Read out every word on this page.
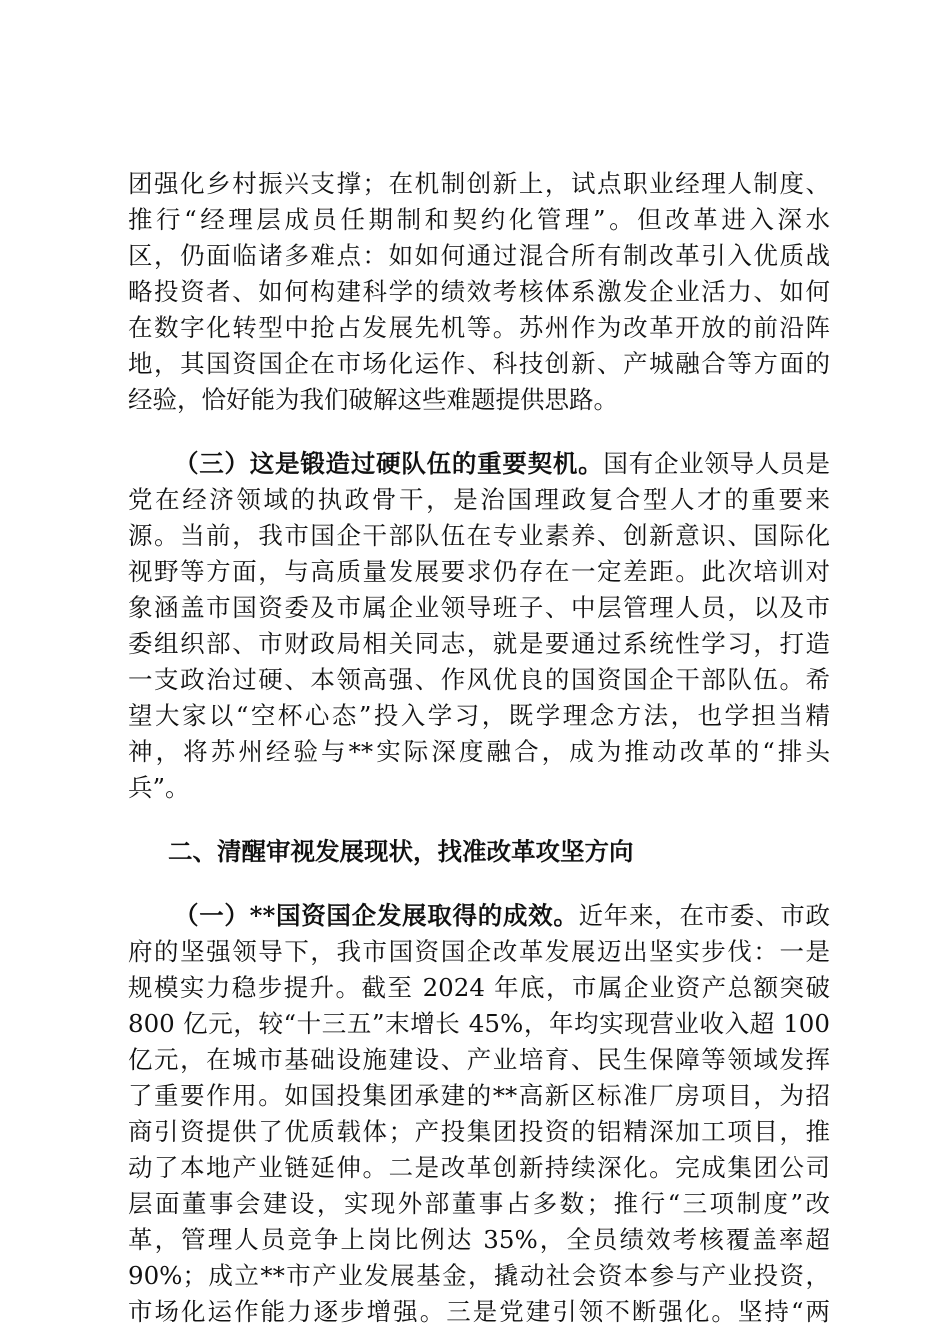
团强化乡村振兴支撑；在机制创新上，试点职业经理人制度、
推行“经理层成员任期制和契约化管理”。但改革进入深水
区，仍面临诸多难点：如如何通过混合所有制改革引入优质战
略投资者、如何构建科学的绩效考核体系激发企业活力、如何
在数字化转型中抢占发展先机等。苏州作为改革开放的前沿阵
地，其国资国企在市场化运作、科技创新、产城融合等方面的
经验，恰好能为我们破解这些难题提供思路。
（三）这是锻造过硬队伍的重要契机。国有企业领导人员是
党在经济领域的执政骨干，是治国理政复合型人才的重要来
源。当前，我市国企干部队伍在专业素养、创新意识、国际化
视野等方面，与高质量发展要求仍存在一定差距。此次培训对
象涵盖市国资委及市属企业领导班子、中层管理人员，以及市
委组织部、市财政局相关同志，就是要通过系统性学习，打造
一支政治过硬、本领高强、作风优良的国资国企干部队伍。希
望大家以“空杯心态”投入学习，既学理念方法，也学担当精
神，将苏州经验与**实际深度融合，成为推动改革的“排头
兵”。
二、清醒审视发展现状，找准改革攻坚方向
（一）**国资国企发展取得的成效。近年来，在市委、市政
府的坚强领导下，我市国资国企改革发展迈出坚实步伐：一是
规模实力稳步提升。截至 2024 年底，市属企业资产总额突破
800 亿元，较“十三五”末增长 45%，年均实现营业收入超 100
亿元，在城市基础设施建设、产业培育、民生保障等领域发挥
了重要作用。如国投集团承建的**高新区标准厂房项目，为招
商引资提供了优质载体；产投集团投资的铝精深加工项目，推
动了本地产业链延伸。二是改革创新持续深化。完成集团公司
层面董事会建设，实现外部董事占多数；推行“三项制度”改
革，管理人员竞争上岗比例达 35%，全员绩效考核覆盖率超
90%；成立**市产业发展基金，撬动社会资本参与产业投资，
市场化运作能力逐步增强。三是党建引领不断强化。坚持“两
